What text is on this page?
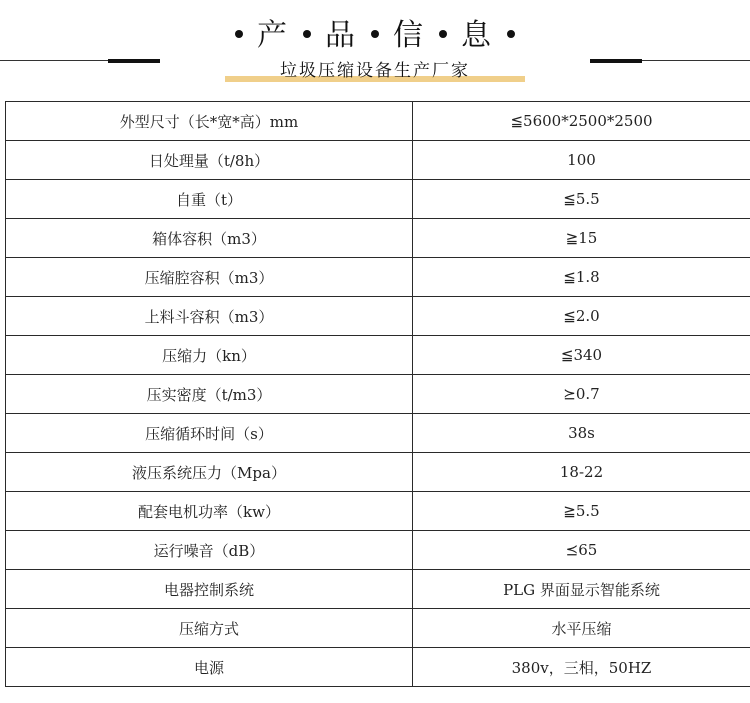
产 品 信 息
垃圾压缩设备生产厂家
外型尺寸（长*宽*高）mm	≦5600*2500*2500
日处理量（t/8h）	100
自重（t）	≦5.5
箱体容积（m3）	≧15
压缩腔容积（m3）	≦1.8
上料斗容积（m3）	≦2.0
压缩力（kn）	≦340
压实密度（t/m3）	⪰0.7
压缩循环时间（s）	38s
液压系统压力（Mpa）	18-22
配套电机功率（kw）	≧5.5
运行噪音（dB）	⪯65
电器控制系统	PLG 界面显示智能系统
压缩方式	水平压缩
电源	380v，三相，50HZ
